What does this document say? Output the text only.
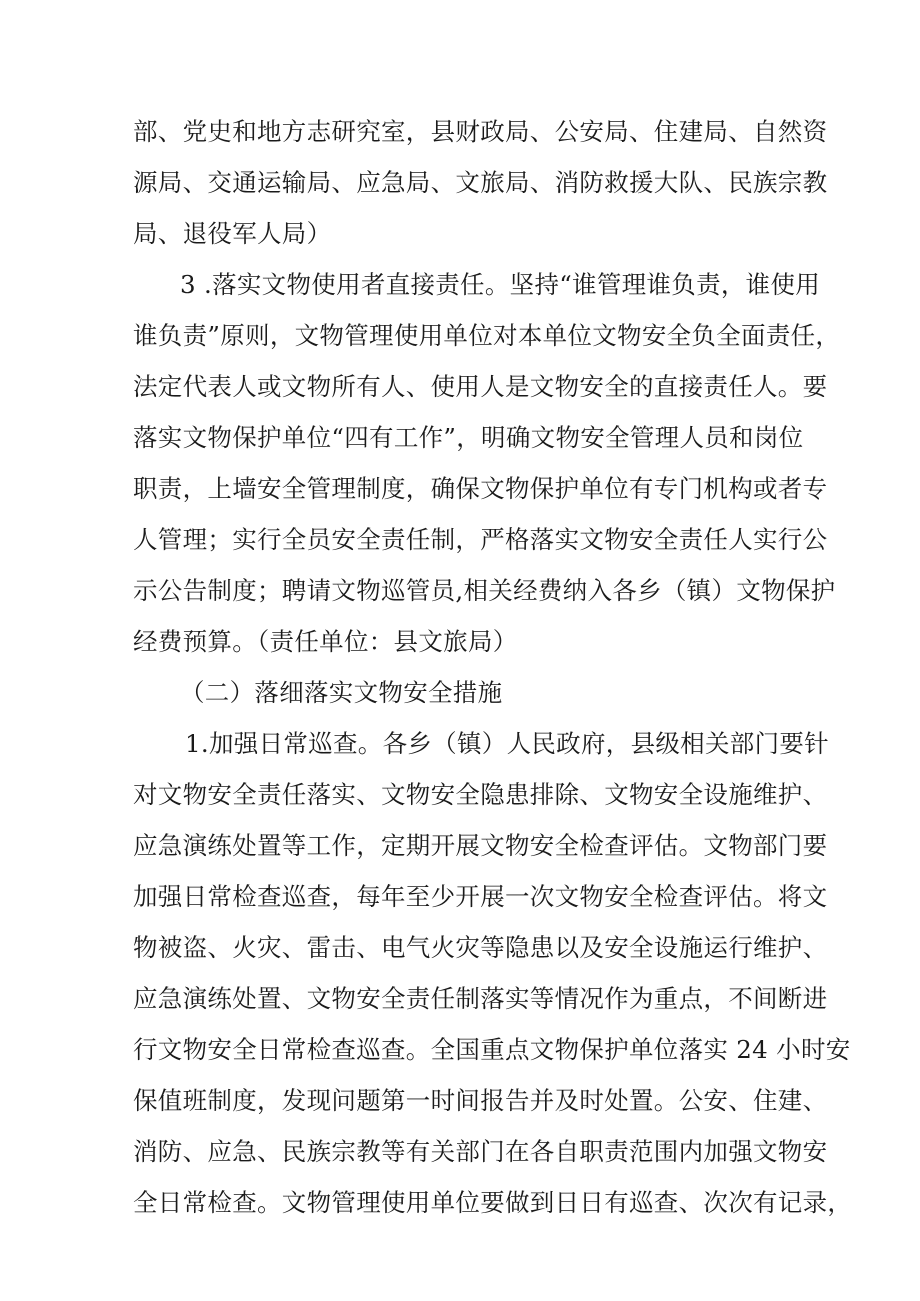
部、党史和地方志研究室，县财政局、公安局、住建局、自然资
源局、交通运输局、应急局、文旅局、消防救援大队、民族宗教
局、退役军人局）
3 .落实文物使用者直接责任。坚持“谁管理谁负责，谁使用
谁负责”原则，文物管理使用单位对本单位文物安全负全面责任，
法定代表人或文物所有人、使用人是文物安全的直接责任人。要
落实文物保护单位“四有工作”，明确文物安全管理人员和岗位
职责，上墙安全管理制度，确保文物保护单位有专门机构或者专
人管理；实行全员安全责任制，严格落实文物安全责任人实行公
示公告制度；聘请文物巡管员,相关经费纳入各乡（镇）文物保护
经费预算。（责任单位：县文旅局）
（二）落细落实文物安全措施
1.加强日常巡查。各乡（镇）人民政府，县级相关部门要针
对文物安全责任落实、文物安全隐患排除、文物安全设施维护、
应急演练处置等工作，定期开展文物安全检查评估。文物部门要
加强日常检查巡查，每年至少开展一次文物安全检查评估。将文
物被盗、火灾、雷击、电气火灾等隐患以及安全设施运行维护、
应急演练处置、文物安全责任制落实等情况作为重点，不间断进
行文物安全日常检查巡查。全国重点文物保护单位落实 24 小时安
保值班制度，发现问题第一时间报告并及时处置。公安、住建、
消防、应急、民族宗教等有关部门在各自职责范围内加强文物安
全日常检查。文物管理使用单位要做到日日有巡查、次次有记录，
